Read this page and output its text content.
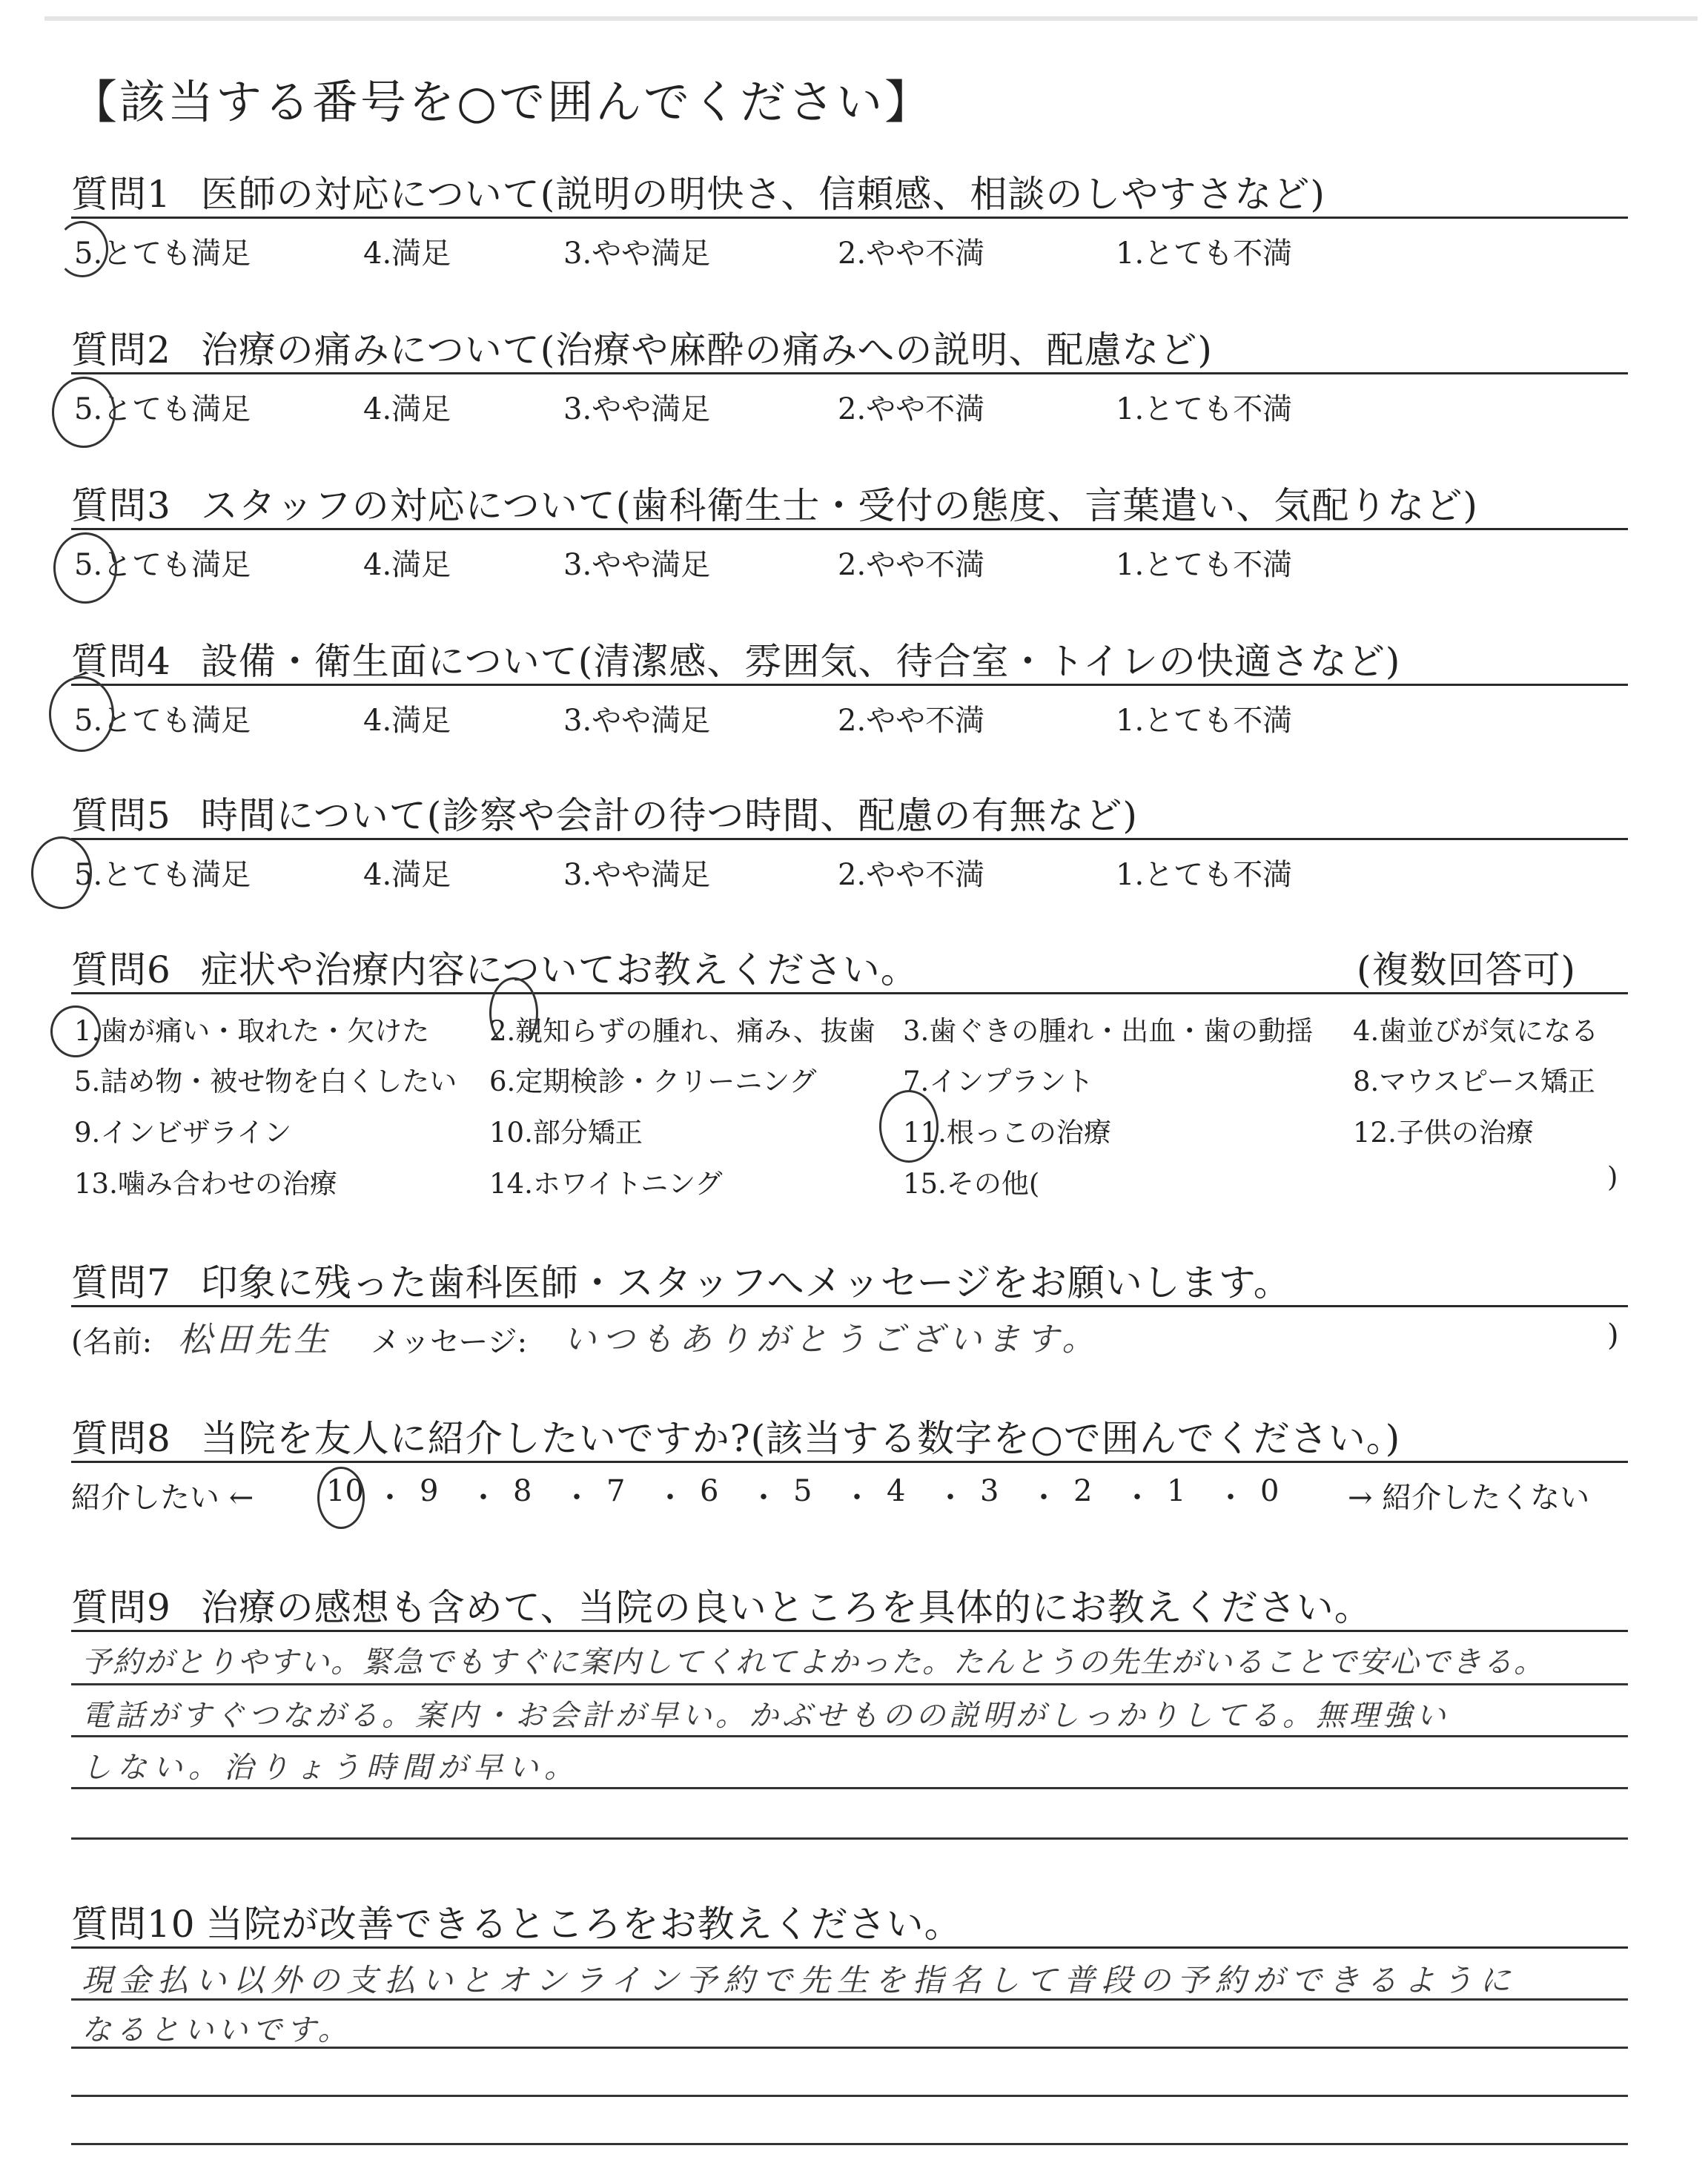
【該当する番号を○で囲んでください】
質問1 医師の対応について(説明の明快さ、信頼感、相談のしやすさなど)
5.とても満足	4.満足	3.やや満足	2.やや不満	1.とても不満
質問2 治療の痛みについて(治療や麻酔の痛みへの説明、配慮など)
5.とても満足	4.満足	3.やや満足	2.やや不満	1.とても不満
質問3 スタッフの対応について(歯科衛生士・受付の態度、言葉遣い、気配りなど)
5.とても満足	4.満足	3.やや満足	2.やや不満	1.とても不満
質問4 設備・衛生面について(清潔感、雰囲気、待合室・トイレの快適さなど)
5.とても満足	4.満足	3.やや満足	2.やや不満	1.とても不満
質問5 時間について(診察や会計の待つ時間、配慮の有無など)
5.とても満足	4.満足	3.やや満足	2.やや不満	1.とても不満
質問6 症状や治療内容についてお教えください。	(複数回答可)
1.歯が痛い・取れた・欠けた 2.親知らずの腫れ、痛み、抜歯 3.歯ぐきの腫れ・出血・歯の動揺 4.歯並びが気になる
5.詰め物・被せ物を白くしたい 6.定期検診・クリーニング	7.インプラント	8.マウスピース矯正
9.インビザライン	10.部分矯正	11.根っこの治療	12.子供の治療
13.噛み合わせの治療	14.ホワイトニング	15.その他(	)
質問7 印象に残った歯科医師・スタッフへメッセージをお願いします。
(名前: 松田先生 メッセージ: いつもありがとうございます。	)
質問8 当院を友人に紹介したいですか?(該当する数字を○で囲んでください。)
紹介したい ←	→ 紹介したくない
10 ・ 9 ・ 8 ・ 7 ・ 6 ・ 5 ・ 4 ・ 3 ・ 2 ・ 1 ・ 0
質問9 治療の感想も含めて、当院の良いところを具体的にお教えください。
予約がとりやすい。緊急でもすぐに案内してくれてよかった。たんとうの先生がいることで安心できる。
電話がすぐつながる。案内・お会計が早い。かぶせものの説明がしっかりしてる。無理強い
しない。治りょう時間が早い。
質問10 当院が改善できるところをお教えください。
現金払い以外の支払いとオンライン予約で先生を指名して普段の予約ができるように
なるといいです。
